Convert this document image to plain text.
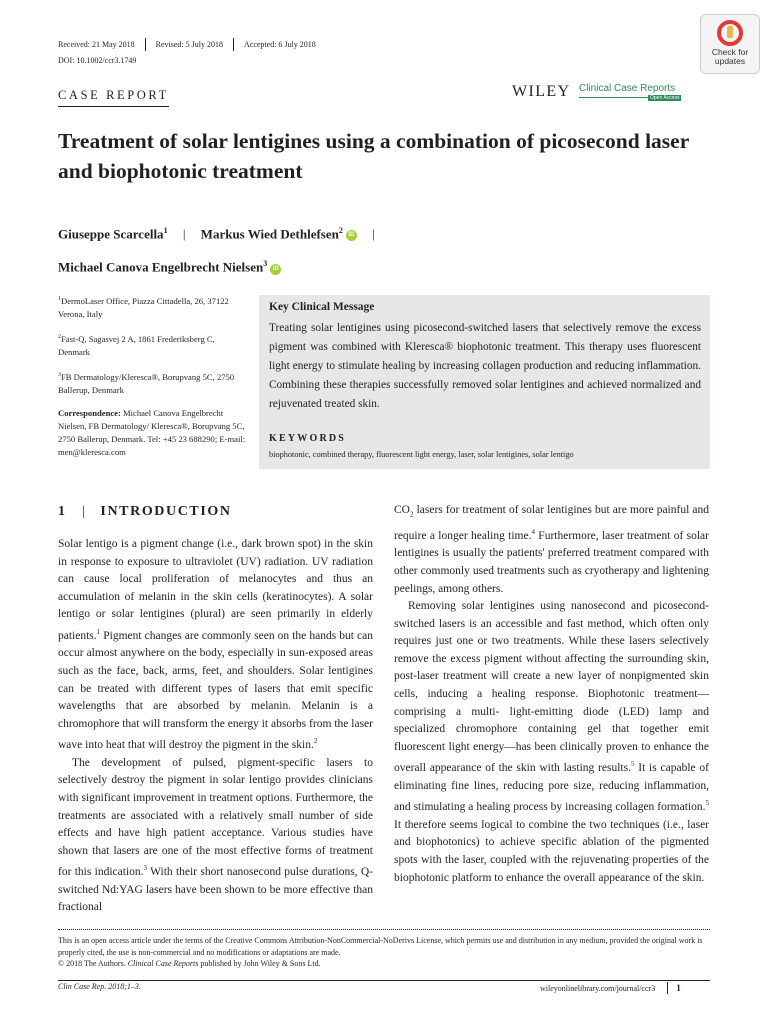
Received: 21 May 2018	Revised: 5 July 2018	Accepted: 6 July 2018
DOI: 10.1002/ccr3.1749
CASE REPORT	WILEY Clinical Case Reports
Open Access
Check for updates
Treatment of solar lentigines using a combination of picosecond laser and biophotonic treatment
Giuseppe Scarcella$^1$ | Markus Wied Dethlefsen$^2$iD |
Michael Canova Engelbrecht Nielsen$^3$iD

$^1$DermoLaser Office, Piazza Cittadella, 26, 37122 Verona, Italy

$^2$Fast-Q, Sagasvej 2 A, 1861 Frederiksberg C, Denmark

$^3$FB Dermatology/Kleresca®, Borupvang 5C, 2750 Ballerup, Denmark

Correspondence: Michael Canova Engelbrecht Nielsen, FB Dermatology/ Kleresca®, Borupvang 5C, 2750 Ballerup, Denmark. Tel: +45 23 688290; E-mail: men@kleresca.com

Key Clinical Message
Treating solar lentigines using picosecond-switched lasers that selectively remove the excess pigment was combined with Kleresca® biophotonic treatment. This therapy uses fluorescent light energy to stimulate healing by increasing collagen production and reducing inflammation. Combining these therapies successfully removed solar lentigines and achieved normalized and rejuvenated treated skin.
KEYWORDS
biophotonic, combined therapy, fluorescent light energy, laser, solar lentigines, solar lentigo
1 | INTRODUCTION

Solar lentigo is a pigment change (i.e., dark brown spot) in the skin in response to exposure to ultraviolet (UV) radiation. UV radiation can cause local proliferation of melanocytes and thus an accumulation of melanin in the skin cells (keratinocytes). A solar lentigo or solar lentigines (plural) are seen primarily in elderly patients.$^1$ Pigment changes are commonly seen on the hands but can occur almost anywhere on the body, especially in sun-exposed areas such as the face, back, arms, feet, and shoulders. Solar lentigines can be treated with different types of lasers that emit specific wavelengths that are absorbed by melanin. Melanin is a chromophore that will transform the energy it absorbs from the laser wave into heat that will destroy the pigment in the skin.$^2$

The development of pulsed, pigment-specific lasers to selectively destroy the pigment in solar lentigo provides clinicians with significant improvement in treatment options. Furthermore, the treatments are associated with a relatively small number of side effects and have high patient acceptance. Various studies have shown that lasers are one of the most effective forms of treatment for this indication.$^3$ With their short nanosecond pulse durations, Q-switched Nd:YAG lasers have been shown to be more effective than fractional

$CO_2$ lasers for treatment of solar lentigines but are more painful and require a longer healing time.$^4$ Furthermore, laser treatment of solar lentigines is usually the patients' preferred treatment compared with other commonly used treatments such as cryotherapy and lightening peelings, among others.

Removing solar lentigines using nanosecond and picosecond-switched lasers is an accessible and fast method, which often only requires just one or two treatments. While these lasers selectively remove the excess pigment without affecting the surrounding skin, post-laser treatment will create a new layer of nonpigmented skin cells, inducing a healing response. Biophotonic treatment—comprising a multi- light-emitting diode (LED) lamp and specialized chromophore containing gel that together emit fluorescent light energy—has been clinically proven to enhance the overall appearance of the skin with lasting results.$^5$ It is capable of eliminating fine lines, reducing pore size, reducing inflammation, and stimulating a healing process by increasing collagen formation.$^5$ It therefore seems logical to combine the two techniques (i.e., laser and biophotonics) to achieve specific ablation of the pigmented spots with the laser, coupled with the rejuvenating properties of the biophotonic platform to enhance the overall appearance of the skin.

This is an open access article under the terms of the Creative Commons Attribution-NonCommercial-NoDerivs License, which permits use and distribution in any medium, provided the original work is properly cited, the use is non-commercial and no modifications or adaptations are made.
© 2018 The Authors. Clinical Case Reports published by John Wiley & Sons Ltd.
Clin Case Rep. 2018;1–3.	wileyonlinelibrary.com/journal/ccr3 1
